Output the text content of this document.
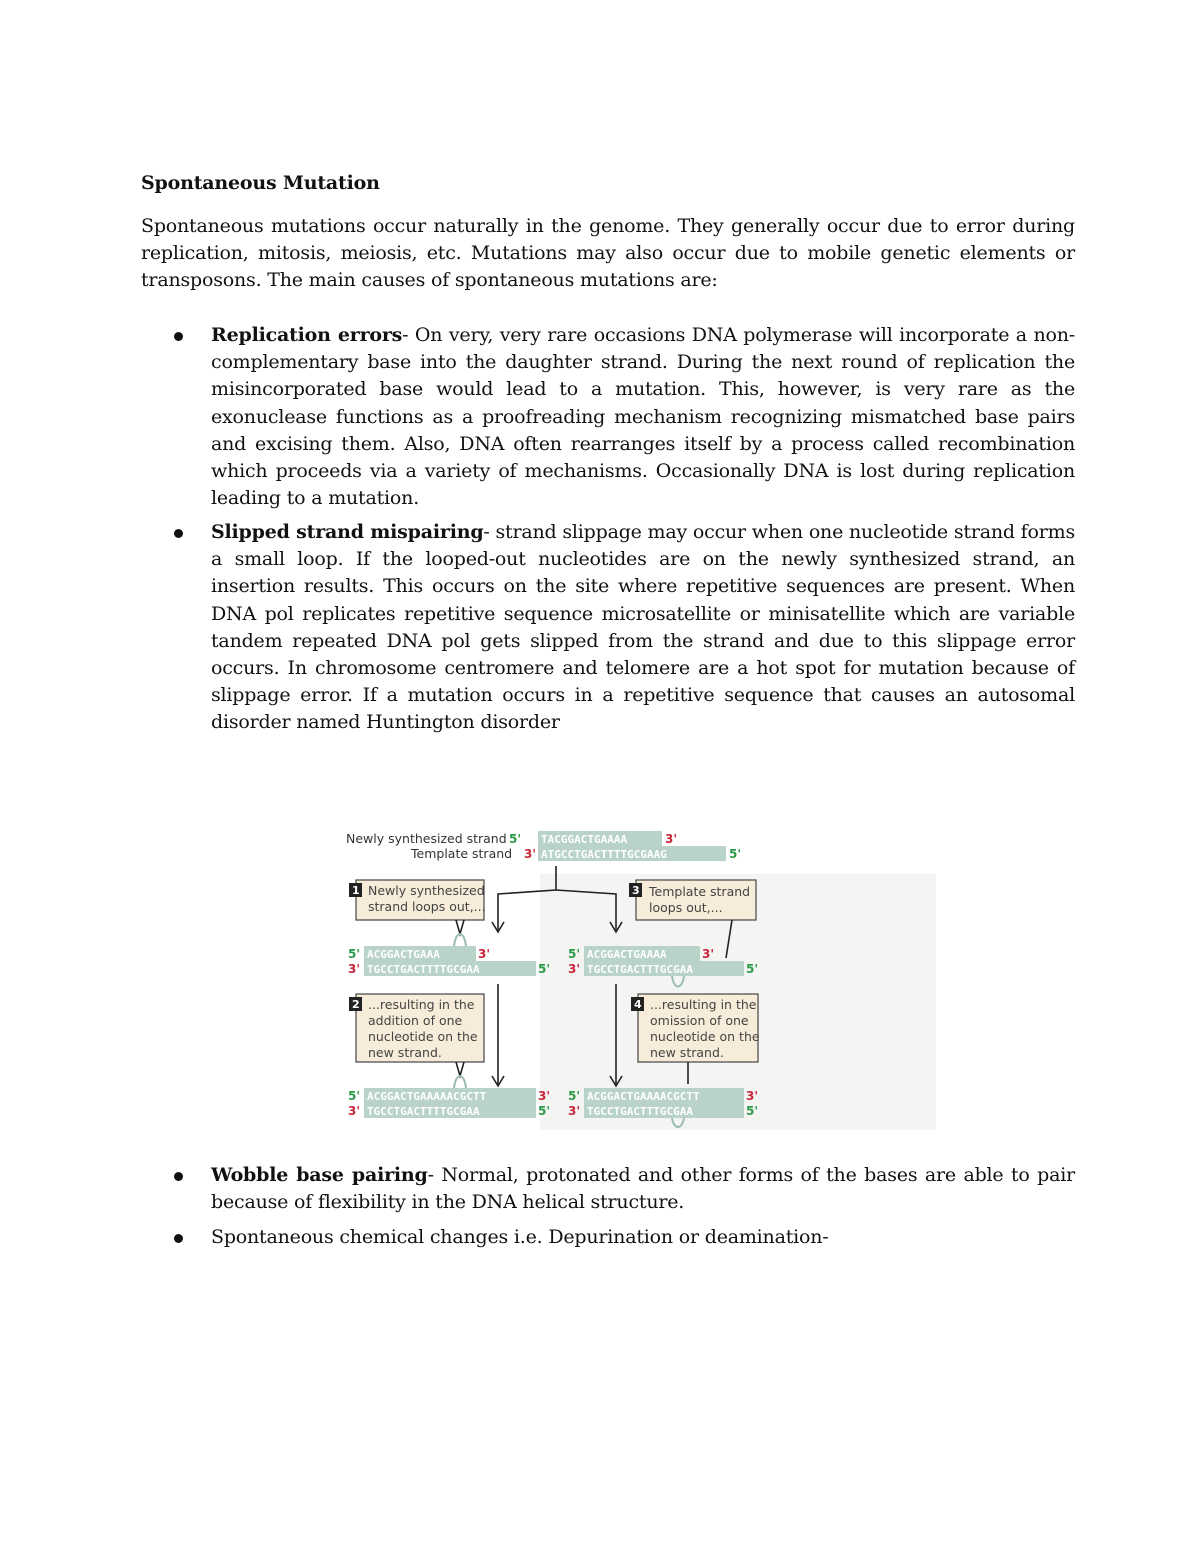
Spontaneous Mutation
Spontaneous mutations occur naturally in the genome. They generally occur due to error during replication, mitosis, meiosis, etc. Mutations may also occur due to mobile genetic elements or transposons. The main causes of spontaneous mutations are:
Replication errors- On very, very rare occasions DNA polymerase will incorporate a non-complementary base into the daughter strand. During the next round of replication the misincorporated base would lead to a mutation. This, however, is very rare as the exonuclease functions as a proofreading mechanism recognizing mismatched base pairs and excising them. Also, DNA often rearranges itself by a process called recombination which proceeds via a variety of mechanisms. Occasionally DNA is lost during replication leading to a mutation.
Slipped strand mispairing- strand slippage may occur when one nucleotide strand forms a small loop. If the looped-out nucleotides are on the newly synthesized strand, an insertion results. This occurs on the site where repetitive sequences are present. When DNA pol replicates repetitive sequence microsatellite or minisatellite which are variable tandem repeated DNA pol gets slipped from the strand and due to this slippage error occurs. In chromosome centromere and telomere are a hot spot for mutation because of slippage error. If a mutation occurs in a repetitive sequence that causes an autosomal disorder named Huntington disorder
Wobble base pairing- Normal, protonated and other forms of the bases are able to pair because of flexibility in the DNA helical structure.
Spontaneous chemical changes i.e. Depurination or deamination-
Newly synthesized strand 5' TACGGACTGAAAA	3'
Template strand 3' ATGCCTGACTTTTGCGAAG	5'
1 Newly synthesized
strand loops out,...
3 Template strand
loops out,...
5' ACGGACTGAAA	3'
3' TGCCTGACTTTTGCGAA	5'
5' ACGGACTGAAAA	3'
3' TGCCTGACTTTGCGAA	5'
2 ...resulting in the
addition of one
nucleotide on the
new strand.
4 ...resulting in the
omission of one
nucleotide on the
new strand.
5' ACGGACTGAAAAACGCTT	3'
3' TGCCTGACTTTTGCGAA	5'
5' ACGGACTGAAAACGCTT	3'
3' TGCCTGACTTTGCGAA	5'
